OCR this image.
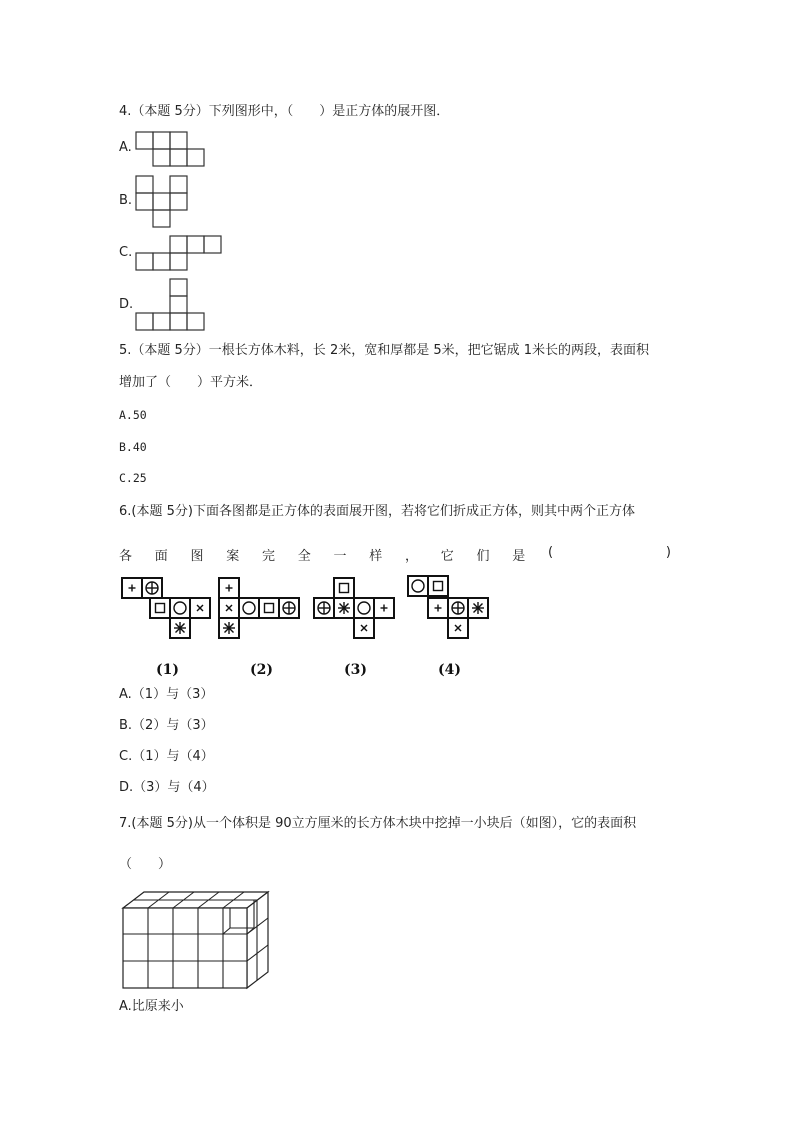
4.（本题 5分）下列图形中，（　　）是正方体的展开图．
A.
B.
C.
D.
5.（本题 5分）一根长方体木料，长 2米，宽和厚都是 5米，把它锯成 1米长的两段，表面积
增加了（　　）平方米．
A.50
B.40
C.25
6.(本题 5分)下面各图都是正方体的表面展开图，若将它们折成正方体，则其中两个正方体
各 面 图 案 完 全 一 样 ， 它 们 是 (	)
(1)	(2)	(3)	(4)
A.（1）与（3）
B.（2）与（3）
C.（1）与（4）
D.（3）与（4）
7.(本题 5分)从一个体积是 90立方厘米的长方体木块中挖掉一小块后（如图），它的表面积
（　　）
A.比原来小
